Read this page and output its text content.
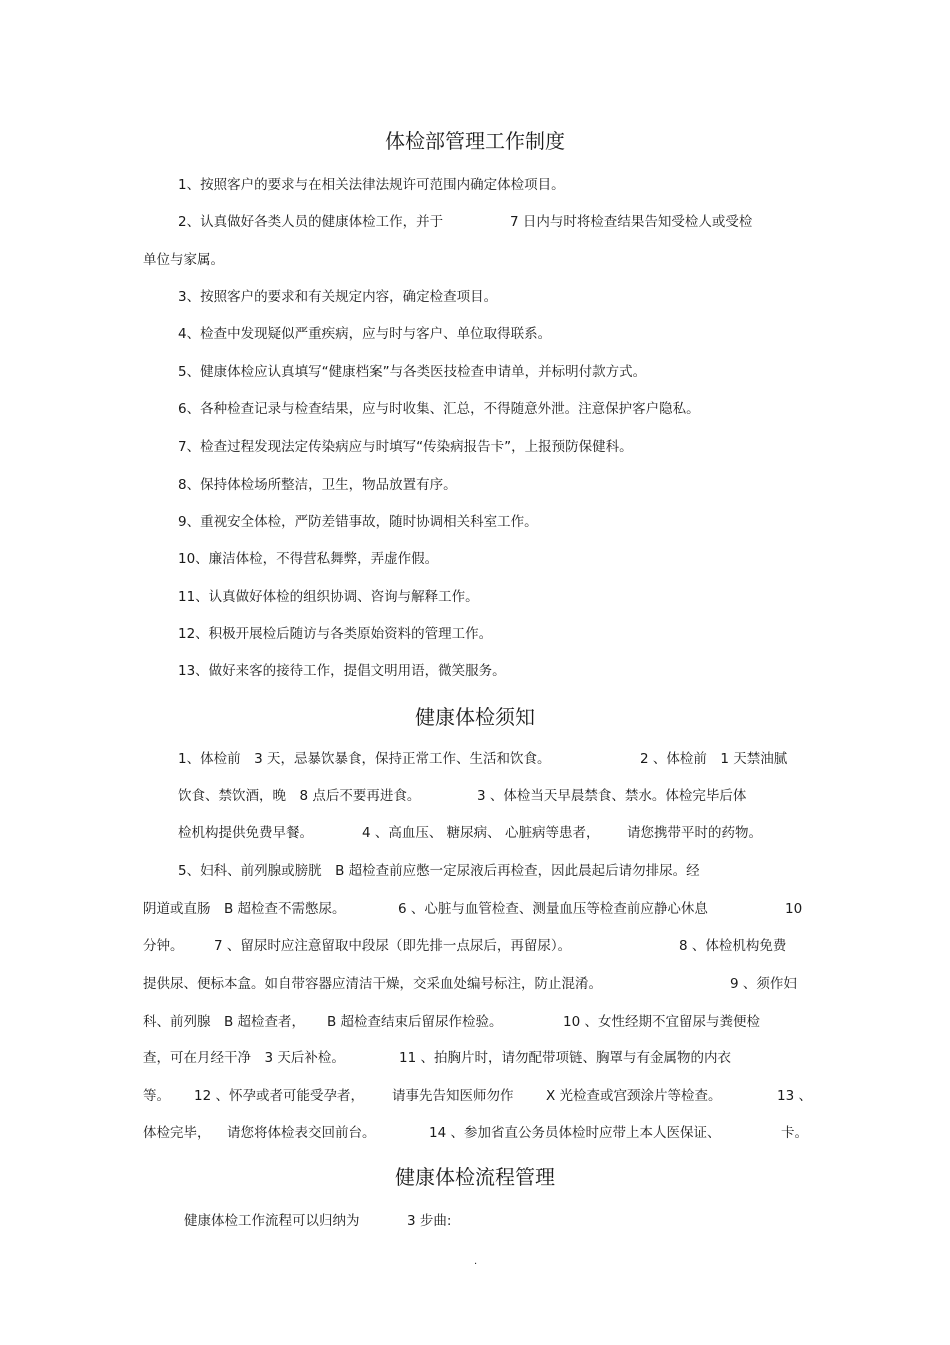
体检部管理工作制度

1、按照客户的要求与在相关法律法规许可范围内确定体检项目。

2、认真做好各类人员的健康体检工作，并于	7 日内与时将检查结果告知受检人或受检

单位与家属。

3、按照客户的要求和有关规定内容，确定检查项目。

4、检查中发现疑似严重疾病，应与时与客户、单位取得联系。

5、健康体检应认真填写“健康档案”与各类医技检查申请单，并标明付款方式。

6、各种检查记录与检查结果，应与时收集、汇总，不得随意外泄。注意保护客户隐私。

7、检查过程发现法定传染病应与时填写“传染病报告卡”，上报预防保健科。

8、保持体检场所整洁，卫生，物品放置有序。

9、重视安全体检，严防差错事故，随时协调相关科室工作。

10、廉洁体检，不得营私舞弊，弄虚作假。

11、认真做好体检的组织协调、咨询与解释工作。

12、积极开展检后随访与各类原始资料的管理工作。

13、做好来客的接待工作，提倡文明用语，微笑服务。

健康体检须知
1、体检前　3 天，忌暴饮暴食，保持正常工作、生活和饮食。	2 、体检前　1 天禁油腻
饮食、禁饮酒，晚　8 点后不要再进食。	3 、体检当天早晨禁食、禁水。体检完毕后体
检机构提供免费早餐。	4 、高血压、 糖尿病、 心脏病等患者， 请您携带平时的药物。
5、妇科、前列腺或膀胱　B 超检查前应憋一定尿液后再检查，因此晨起后请勿排尿。经
阴道或直肠　B 超检查不需憋尿。	6 、心脏与血管检查、测量血压等检查前应静心休息	10
分钟。 7 、留尿时应注意留取中段尿（即先排一点尿后，再留尿）。	8 、体检机构免费
提供尿、便标本盒。如自带容器应清洁干燥，交采血处编号标注，防止混淆。	9 、须作妇
科、前列腺　B 超检查者， B 超检查结束后留尿作检验。	10 、女性经期不宜留尿与粪便检
查，可在月经干净　3 天后补检。	11 、拍胸片时，请勿配带项链、胸罩与有金属物的内衣
等。 12 、怀孕或者可能受孕者， 请事先告知医师勿作 X 光检查或宫颈涂片等检查。	13 、
体检完毕， 请您将体检表交回前台。	14 、参加省直公务员体检时应带上本人医保证、	卡。
健康体检流程管理
健康体检工作流程可以归纳为	3 步曲:
.
